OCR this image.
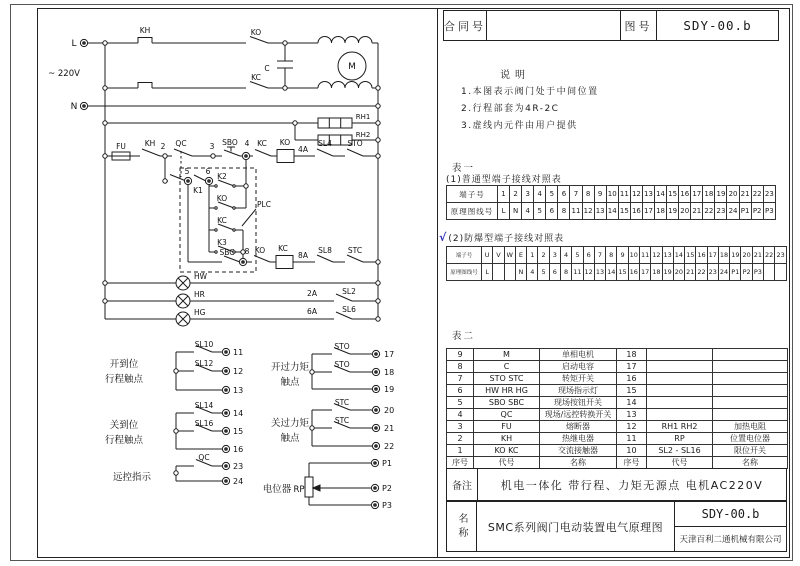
L
N
~ 220V
KH	KO
KC
C	M
RH1
RH2
FU	KH 2 QC	3 SBO 4 KC KO
4A
SL4 STO
5 6
K1
K2
KO
KC
K3
PLC
SBC 8 KO KC
8A
SL8 STC
HW
HR	2A	SL2
HG	6A	SL6
开到位
行程触点
SL10
SL12
11
12
13
关到位
行程触点
SL14
SL16
14
15
16
开过力矩
触点
STO
STO
17
18
19
关过力矩
触点
STC
STC
20
21
22
远控指示
QC
23
24
电位器 RP
P1
P2
P3
合同号	图号	SDY-00.b
说明
1.本图表示阀门处于中间位置
2.行程部套为4R-2C
3.虚线内元件由用户提供
表一
(1)普通型端子接线对照表
端子号	1	2	3	4	5	6	7	8	9	10	11	12	13	14	15	16	17	18	19	20	21	22	23
原理图线号	L	N	4	5	6	8	11	12	13	14	15	16	17	18	19	20	21	22	23	24	P1	P2	P3
√(2)防爆型端子接线对照表
端子号	U	V	W	E	1	2	3	4	5	6	7	8	9	10	11	12	13	14	15	16	17	18	19	20	21	22	23
原理图线号	L			N	4	5	6	8	11	12	13	14	15	16	17	18	19	20	21	22	23	24	P1	P2	P3		
表二
9	M	单相电机	18		
8	C	启动电容	17		
7	STO STC	转矩开关	16		
6	HW HR HG	现场指示灯	15		
5	SBO SBC	现场按钮开关	14		
4	QC	现场/远控转换开关	13		
3	FU	熔断器	12	RH1 RH2	加热电阻
2	KH	热继电器	11	RP	位置电位器
1	KO KC	交流接触器	10	SL2 - SL16	限位开关
序号	代号	名称	序号	代号	名称
备注	机电一体化 带行程、力矩无源点 电机AC220V
名称	SMC系列阀门电动装置电气原理图
SDY-00.b
天津百利二通机械有限公司
